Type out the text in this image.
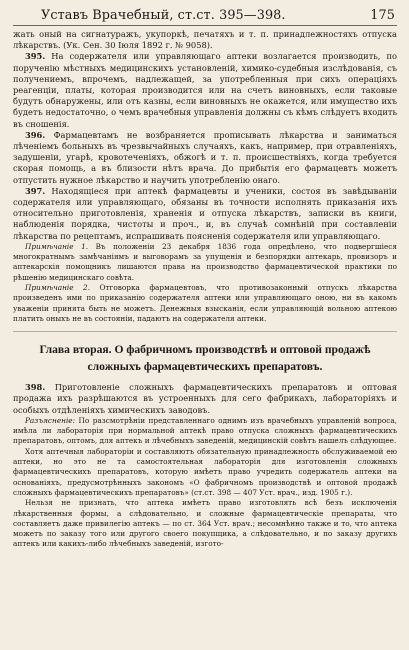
Уставъ Врачебный, ст.ст. 395—398.	175

жать оный на сигнатуражъ, укупоркѣ, печатяхъ и т. п. принадлежностяхъ отпуска лѣкарствъ. (Ук. Сен. 30 Іюля 1892 г. № 9058).

395. На содержателя или управляющаго аптеки возлагается производить, по порученію мѣстныхъ медицинскихъ установленій, химико-судебныя изслѣдованія, съ получениемъ, впрочемъ, надлежащей, за употребленныя при сихъ операціяхъ реагенціи, платы, которая производится или на счетъ виновныхъ, если таковые будутъ обнаружены, или отъ казны, если виновныхъ не окажется, или имущество ихъ будетъ недостаточно, о чемъ врачебныя управленія должны съ кѣмъ слѣдуетъ входить въ сношенія.

396. Фармацевтамъ не возбраняется прописывать лѣкарства и заниматься лѣченіемъ больныхъ въ чрезвычайныхъ случаяхъ, какъ, например, при отравленіяхъ, задушеніи, угарѣ, кровотеченіяхъ, обжогѣ и т. п. происшествіяхъ, когда требуется скорая помощь, а въ близости нѣтъ врача. До прибытія его фармацевтъ можетъ отпустить нужное лѣкарство и научить употребленію онаго.

397. Находящіеся при аптекѣ фармацевты и ученики, состоя въ завѣдываніи содержателя или управляющаго, обязаны въ точности исполнять приказанія ихъ относительно приготовленія, храненія и отпуска лѣкарствъ, записки въ книги, наблюденія порядка, чистоты и проч., и, въ случаѣ сомнѣній при составленіи лѣкарства по рецептамъ, испрашивать поясненія содержателя или управляющаго.

Примѣчаніе 1. Въ положеніи 23 декабря 1836 года опредѣлено, что подвергшіеся многократнымъ замѣчаніямъ и выговорамъ за упущенія и безпорядки аптекарь, провизоръ и аптекарскія помощникъ лишаются права на производство фармацевтической практики по рѣшенію медицинскаго совѣта.

Примѣчаніе 2. Отговорка фармацевтовъ, что противозаконный отпускъ лѣкарства произведенъ ими по приказанію содержателя аптеки или управляющаго оною, ни въ какомъ уваженіи принята быть не можетъ. Денежныя взысканія, если управляющій вольною аптекою платить оныхъ не въ состояніи, падаютъ на содержателя аптеки.

Глава вторая. О фабричномъ производствѣ и оптовой продажѣ сложныхъ фармацевтическихъ препаратовъ.

398. Приготовленіе сложныхъ фармацевтическихъ препаратовъ и оптовая продажа ихъ разрѣшаются въ устроенныхъ для сего фабрикахъ, лабораторіяхъ и особыхъ отдѣленіяхъ химическихъ заводовъ.

Разъясненіе: По разсмотрѣніи представленнаго однимъ изъ врачебныхъ управленій вопроса, имѣла ли лабораторія при нормальной аптекѣ право отпуска сложныхъ фармацевтическихъ препаратовъ, оптомъ, для аптекъ и лѣчебныхъ заведеній, медицинскій совѣтъ нашелъ слѣдующее.

Хотя аптечныя лабораторіи и составляютъ обязательную принадлежность обслуживаемой ею аптеки, но это не та самостоятельная лабораторія для изготовленія сложныхъ фармацевтическихъ препаратовъ, которую имѣетъ право учредить содержатель аптеки на основаніяхъ, предусмотрѣнныхъ закономъ «О фабричномъ производствѣ и оптовой продажѣ сложныхъ фармацевтическихъ препаратовъ» (ст.ст. 398 — 407 Уст. врач., изд. 1905 г.).

Нельзя не признать, что аптека имѣетъ право изготовлять всѣ безъ исключенія лѣкарственныя формы, а слѣдовательно, и сложные фармацевтическіе препараты, что составляетъ даже привилегію аптекъ — по ст. 364 Уст. врач.; несомнѣнно также и то, что аптека можетъ по заказу того или другого своего покупщика, а слѣдовательно, и по заказу другихъ аптекъ или какихъ-либо лѣчебныхъ заведеній, изгото-
